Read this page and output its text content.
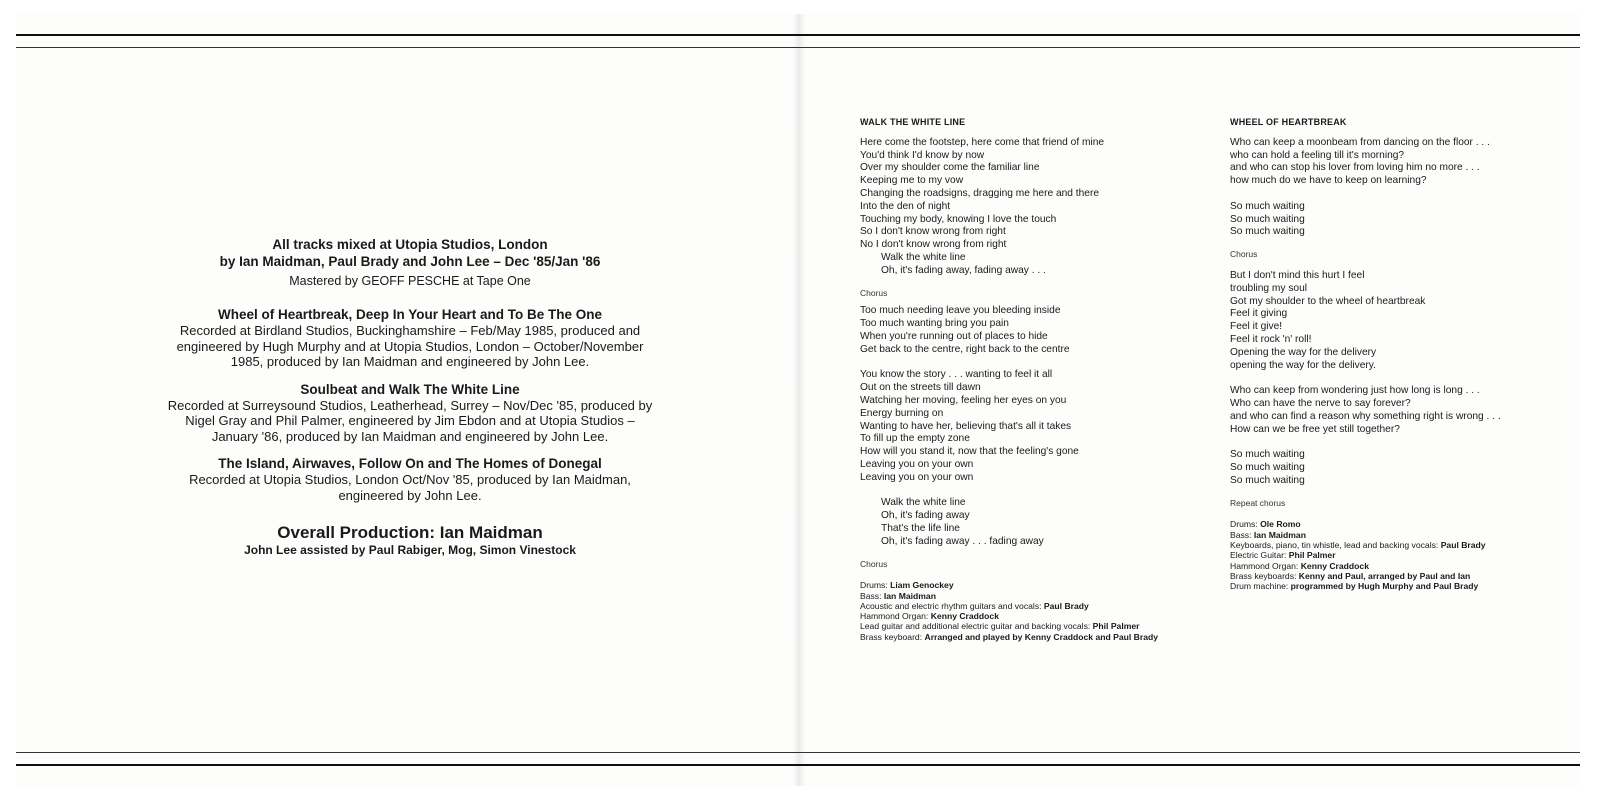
All tracks mixed at Utopia Studios, London
by Ian Maidman, Paul Brady and John Lee – Dec '85/Jan '86
Mastered by GEOFF PESCHE at Tape One
Wheel of Heartbreak, Deep In Your Heart and To Be The One
Recorded at Birdland Studios, Buckinghamshire – Feb/May 1985, produced and
engineered by Hugh Murphy and at Utopia Studios, London – October/November
1985, produced by Ian Maidman and engineered by John Lee.
Soulbeat and Walk The White Line
Recorded at Surreysound Studios, Leatherhead, Surrey – Nov/Dec '85, produced by
Nigel Gray and Phil Palmer, engineered by Jim Ebdon and at Utopia Studios –
January '86, produced by Ian Maidman and engineered by John Lee.
The Island, Airwaves, Follow On and The Homes of Donegal
Recorded at Utopia Studios, London Oct/Nov '85, produced by Ian Maidman,
engineered by John Lee.
Overall Production: Ian Maidman
John Lee assisted by Paul Rabiger, Mog, Simon Vinestock
WALK THE WHITE LINE
Here come the footstep, here come that friend of mine
You'd think I'd know by now
Over my shoulder come the familiar line
Keeping me to my vow
Changing the roadsigns, dragging me here and there
Into the den of night
Touching my body, knowing I love the touch
So I don't know wrong from right
No I don't know wrong from right
Walk the white line
Oh, it's fading away, fading away . . .
Chorus
Too much needing leave you bleeding inside
Too much wanting bring you pain
When you're running out of places to hide
Get back to the centre, right back to the centre
You know the story . . . wanting to feel it all
Out on the streets till dawn
Watching her moving, feeling her eyes on you
Energy burning on
Wanting to have her, believing that's all it takes
To fill up the empty zone
How will you stand it, now that the feeling's gone
Leaving you on your own
Leaving you on your own
Walk the white line
Oh, it's fading away
That's the life line
Oh, it's fading away . . . fading away
Chorus
Drums: Liam Genockey
Bass: Ian Maidman
Acoustic and electric rhythm guitars and vocals: Paul Brady
Hammond Organ: Kenny Craddock
Lead guitar and additional electric guitar and backing vocals: Phil Palmer
Brass keyboard: Arranged and played by Kenny Craddock and Paul Brady
WHEEL OF HEARTBREAK
Who can keep a moonbeam from dancing on the floor . . .
who can hold a feeling till it's morning?
and who can stop his lover from loving him no more . . .
how much do we have to keep on learning?
So much waiting
So much waiting
So much waiting
Chorus
But I don't mind this hurt I feel
troubling my soul
Got my shoulder to the wheel of heartbreak
Feel it giving
Feel it give!
Feel it rock 'n' roll!
Opening the way for the delivery
opening the way for the delivery.
Who can keep from wondering just how long is long . . .
Who can have the nerve to say forever?
and who can find a reason why something right is wrong . . .
How can we be free yet still together?
So much waiting
So much waiting
So much waiting
Repeat chorus
Drums: Ole Romo
Bass: Ian Maidman
Keyboards, piano, tin whistle, lead and backing vocals: Paul Brady
Electric Guitar: Phil Palmer
Hammond Organ: Kenny Craddock
Brass keyboards: Kenny and Paul, arranged by Paul and Ian
Drum machine: programmed by Hugh Murphy and Paul Brady
